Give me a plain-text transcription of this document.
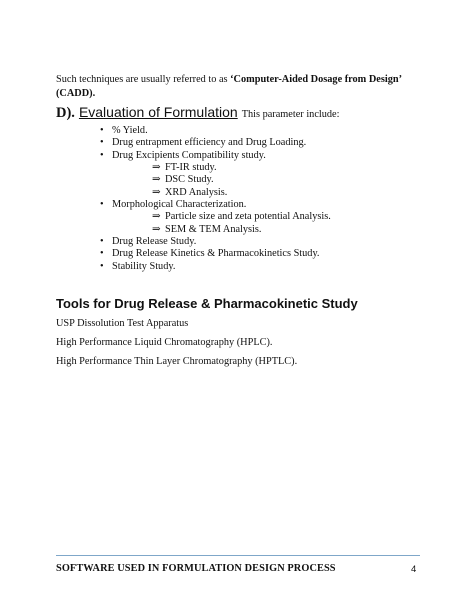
Such techniques are usually referred to as ‘Computer-Aided Dosage from Design’ (CADD).
D). Evaluation of Formulation This parameter include:
• % Yield.
• Drug entrapment efficiency and Drug Loading.
• Drug Excipients Compatibility study.
⇒ FT-IR study.
⇒ DSC Study.
⇒ XRD Analysis.
• Morphological Characterization.
⇒ Particle size and zeta potential Analysis.
⇒ SEM & TEM Analysis.
• Drug Release Study.
• Drug Release Kinetics & Pharmacokinetics Study.
• Stability Study.
Tools for Drug Release & Pharmacokinetic Study
USP Dissolution Test Apparatus
High Performance Liquid Chromatography (HPLC).
High Performance Thin Layer Chromatography (HPTLC).
SOFTWARE USED IN FORMULATION DESIGN PROCESS	4
